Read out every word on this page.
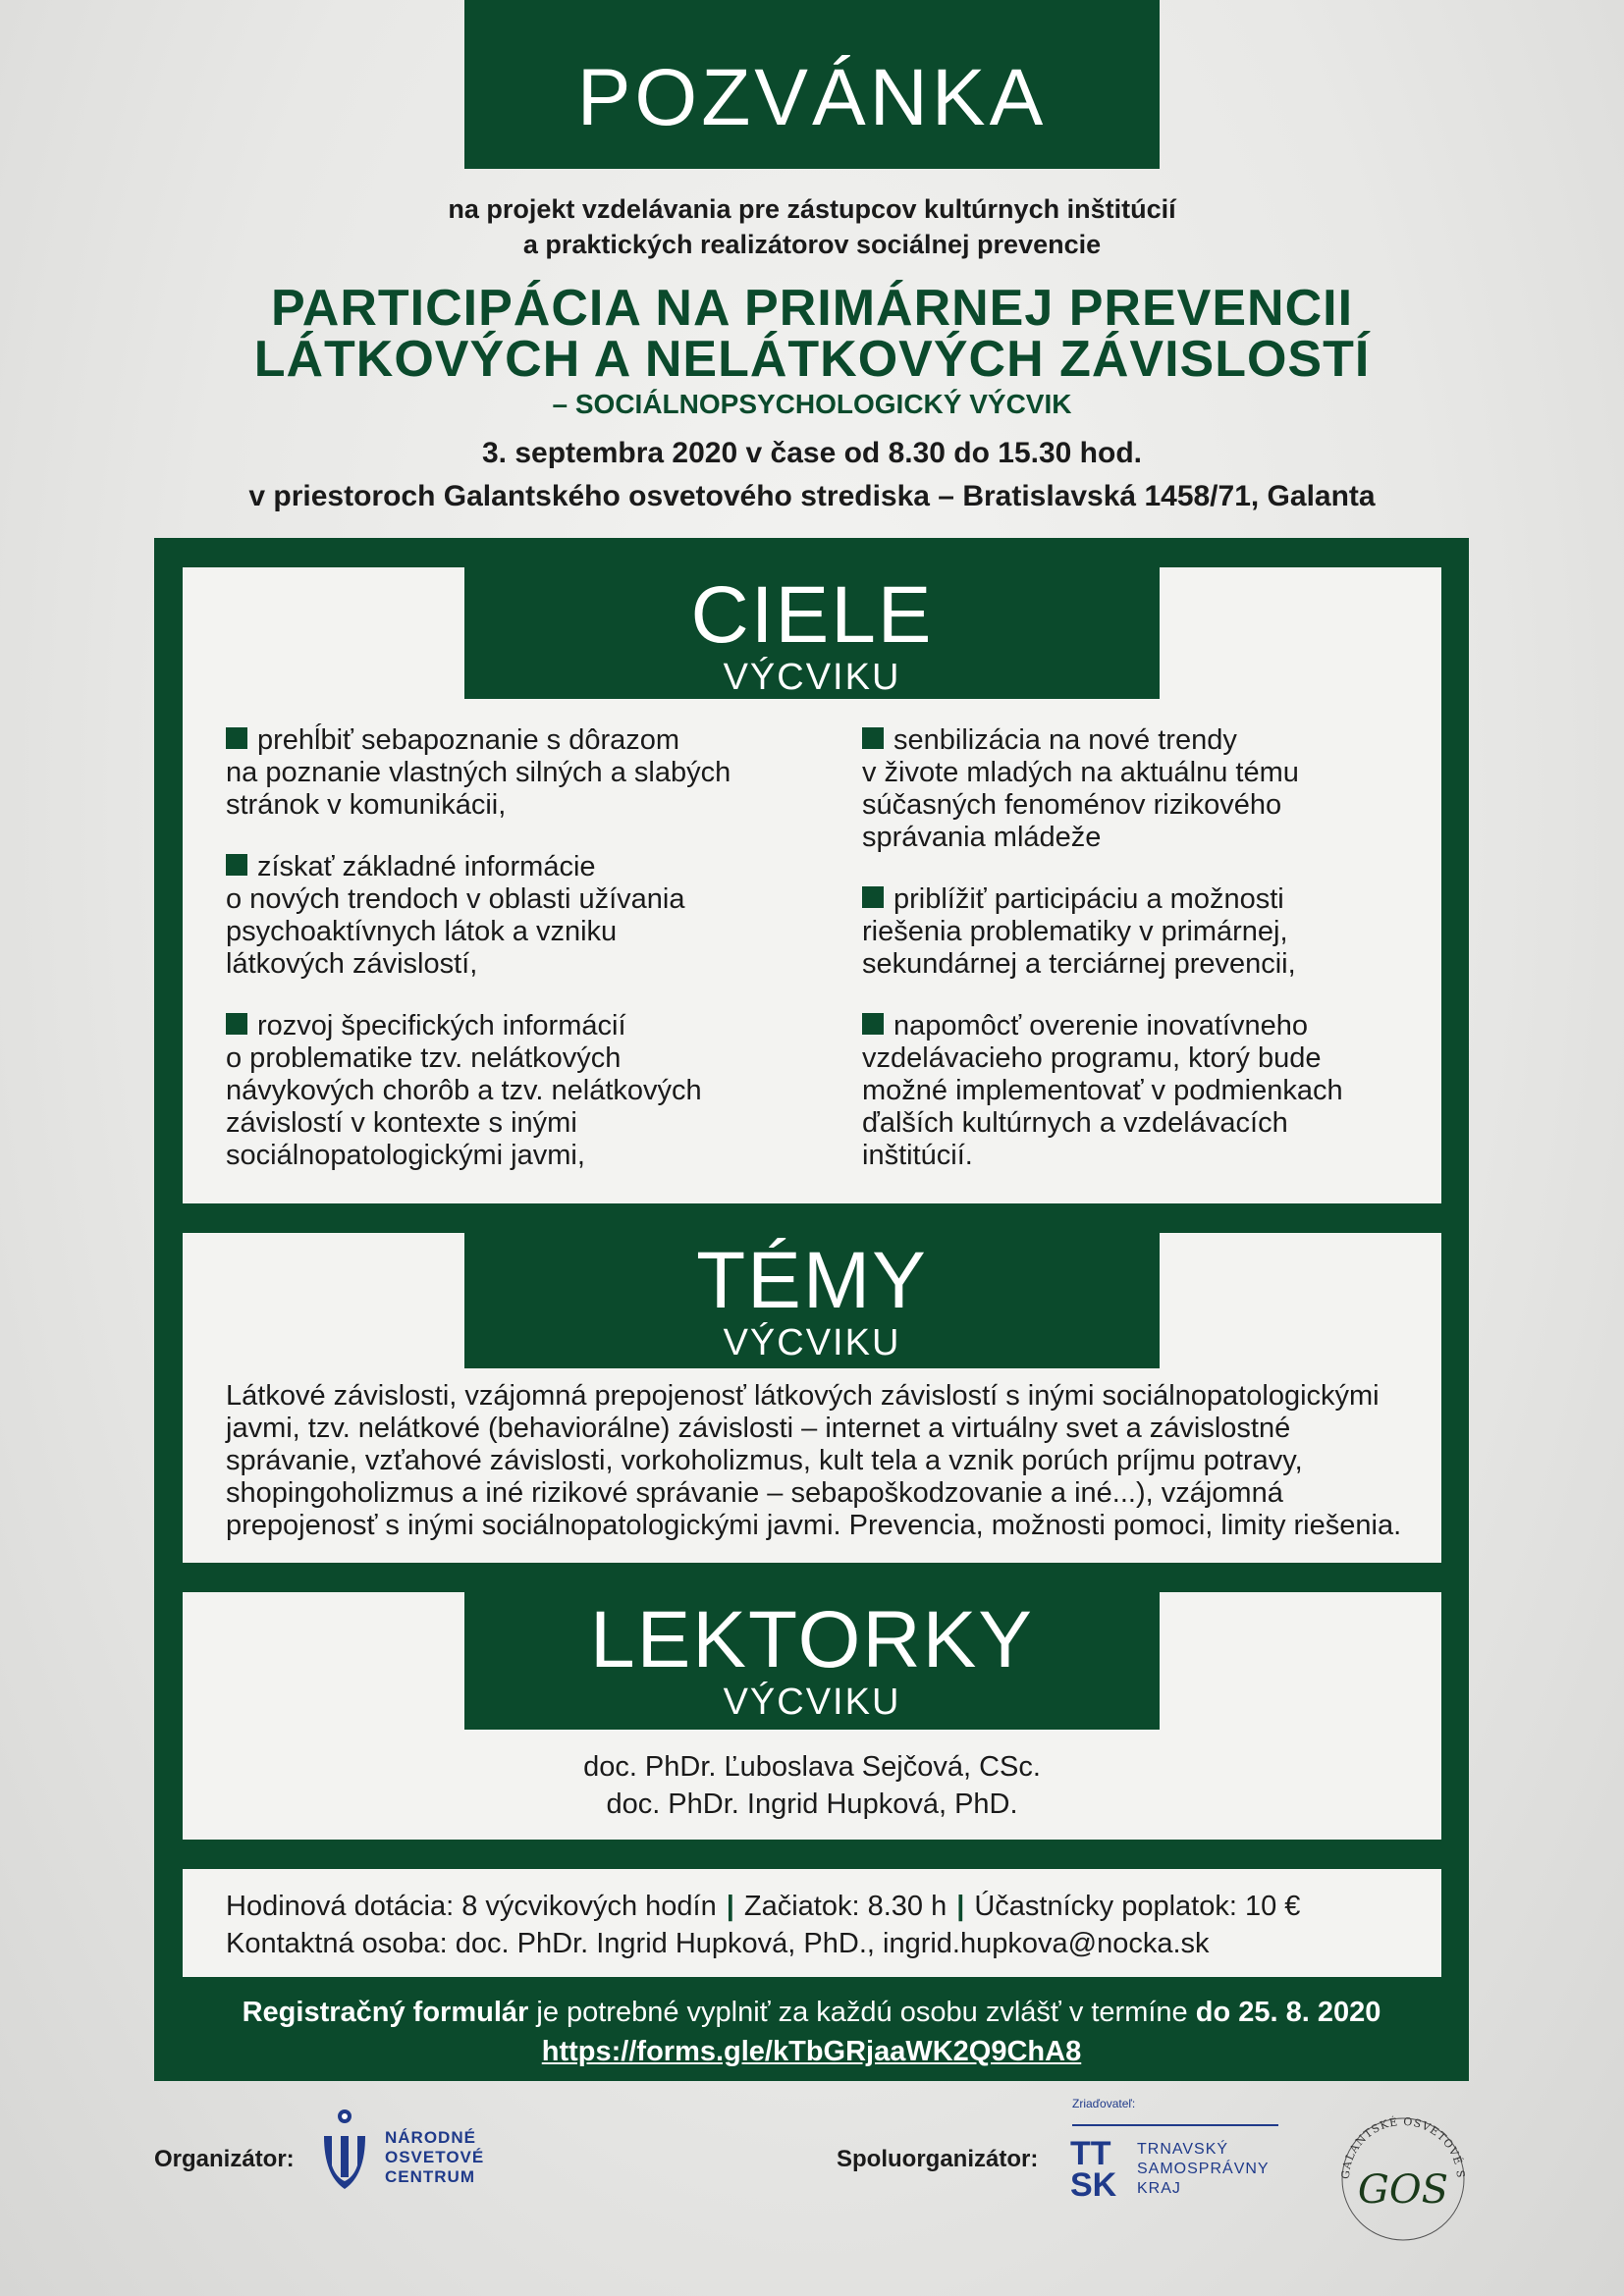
POZVÁNKA
na projekt vzdelávania pre zástupcov kultúrnych inštitúcií
a praktických realizátorov sociálnej prevencie
PARTICIPÁCIA NA PRIMÁRNEJ PREVENCII
LÁTKOVÝCH A NELÁTKOVÝCH ZÁVISLOSTÍ
– SOCIÁLNOPSYCHOLOGICKÝ VÝCVIK
3. septembra 2020 v čase od 8.30 do 15.30 hod.
v priestoroch Galantského osvetového strediska – Bratislavská 1458/71, Galanta
CIELE
VÝCVIKU
prehĺbiť sebapoznanie s dôrazom
na poznanie vlastných silných a slabých
stránok v komunikácii,
získať základné informácie
o nových trendoch v oblasti užívania
psychoaktívnych látok a vzniku
látkových závislostí,
rozvoj špecifických informácií
o problematike tzv. nelátkových
návykových chorôb a tzv. nelátkových
závislostí v kontexte s inými
sociálnopatologickými javmi,
senbilizácia na nové trendy
v živote mladých na aktuálnu tému
súčasných fenoménov rizikového
správania mládeže
priblížiť participáciu a možnosti
riešenia problematiky v primárnej,
sekundárnej a terciárnej prevencii,
napomôcť overenie inovatívneho
vzdelávacieho programu, ktorý bude
možné implementovať v podmienkach
ďalších kultúrnych a vzdelávacích
inštitúcií.
TÉMY
VÝCVIKU
Látkové závislosti, vzájomná prepojenosť látkových závislostí s inými sociálnopatologickými
javmi, tzv. nelátkové (behaviorálne) závislosti – internet a virtuálny svet a závislostné
správanie, vzťahové závislosti, vorkoholizmus, kult tela a vznik porúch príjmu potravy,
shopingoholizmus a iné rizikové správanie – sebapoškodzovanie a iné...), vzájomná
prepojenosť s inými sociálnopatologickými javmi. Prevencia, možnosti pomoci, limity riešenia.
LEKTORKY
VÝCVIKU
doc. PhDr. Ľuboslava Sejčová, CSc.
doc. PhDr. Ingrid Hupková, PhD.
Hodinová dotácia: 8 výcvikových hodín | Začiatok: 8.30 h | Účastnícky poplatok: 10 €
Kontaktná osoba: doc. PhDr. Ingrid Hupková, PhD., ingrid.hupkova@nocka.sk
Registračný formulár je potrebné vyplniť za každú osobu zvlášť v termíne do 25. 8. 2020
https://forms.gle/kTbGRjaaWK2Q9ChA8
Organizátor:
NÁRODNÉ
OSVETOVÉ
CENTRUM
Spoluorganizátor:
Zriaďovateľ:
TT
SK
TRNAVSKÝ
SAMOSPRÁVNY
KRAJ
GALANTSKÉ OSVETOVÉ S
GOS
